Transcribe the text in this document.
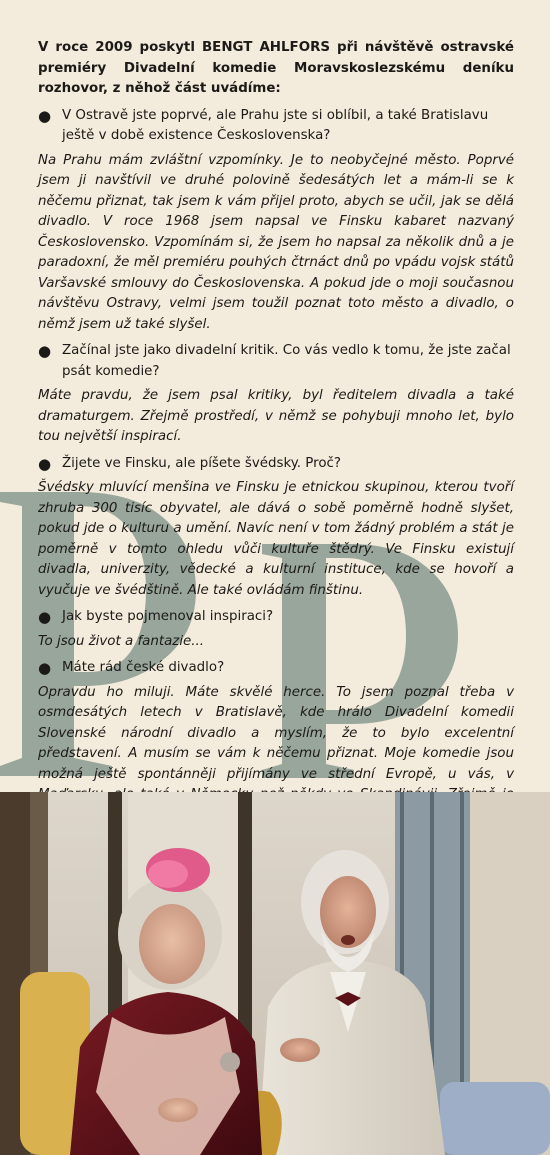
V roce 2009 poskytl BENGT AHLFORS při návštěvě ostravské premiéry Divadelní komedie Moravskoslezskému deníku rozhovor, z něhož část uvádíme:

● V Ostravě jste poprvé, ale Prahu jste si oblíbil, a také Bratislavu ještě v době existence Československa?

Na Prahu mám zvláštní vzpomínky. Je to neobyčejné město. Poprvé jsem ji navštívil ve druhé polovině šedesátých let a mám-li se k něčemu přiznat, tak jsem k vám přijel proto, abych se učil, jak se dělá divadlo. V roce 1968 jsem napsal ve Finsku kabaret nazvaný Československo. Vzpomínám si, že jsem ho napsal za několik dnů a je paradoxní, že měl premiéru pouhých čtrnáct dnů po vpádu vojsk států Varšavské smlouvy do Československa. A pokud jde o moji současnou návštěvu Ostravy, velmi jsem toužil poznat toto město a divadlo, o němž jsem už také slyšel.

● Začínal jste jako divadelní kritik. Co vás vedlo k tomu, že jste začal psát komedie?

Máte pravdu, že jsem psal kritiky, byl ředitelem divadla a také dramaturgem. Zřejmě prostředí, v němž se pohybuji mnoho let, bylo tou největší inspirací.

● Žijete ve Finsku, ale píšete švédsky. Proč?

Švédsky mluvící menšina ve Finsku je etnickou skupinou, kterou tvoří zhruba 300 tisíc obyvatel, ale dává o sobě poměrně hodně slyšet, pokud jde o kulturu a umění. Navíc není v tom žádný problém a stát je poměrně v tomto ohledu vůči kultuře štědrý. Ve Finsku existují divadla, univerzity, vědecké a kulturní instituce, kde se hovoří a vyučuje ve švédštině. Ale také ovládám finštinu.

● Jak byste pojmenoval inspiraci?

To jsou život a fantazie...

● Máte rád české divadlo?

Opravdu ho miluji. Máte skvělé herce. To jsem poznal třeba v osmdesátých letech v Bratislavě, kde hrálo Divadelní komedii Slovenské národní divadlo a myslím, že to bylo excelentní představení. A musím se vám k něčemu přiznat. Moje komedie jsou možná ještě spontánněji přijímány ve střední Evropě, u vás, v
